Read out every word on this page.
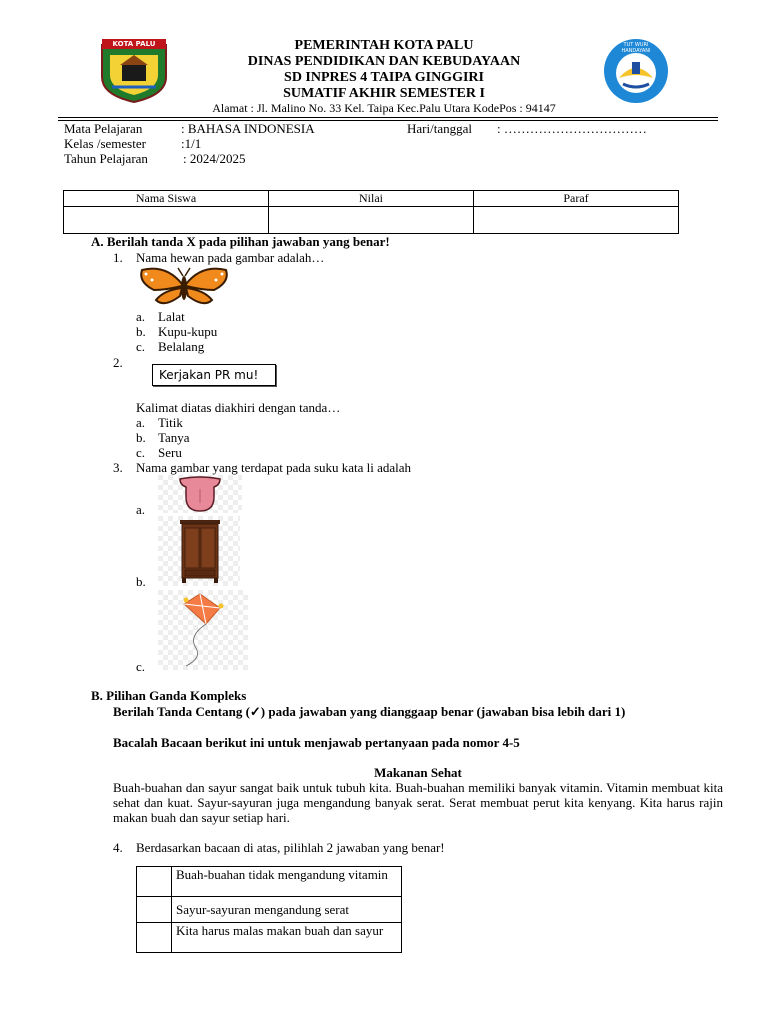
KOTA PALU	TUT WURI HANDAYANI
PEMERINTAH KOTA PALU
DINAS PENDIDIKAN DAN KEBUDAYAAN
SD INPRES 4 TAIPA GINGGIRI
SUMATIF AKHIR SEMESTER I
Alamat : Jl. Malino No. 33 Kel. Taipa Kec.Palu Utara KodePos : 94147
Mata Pelajaran	: BAHASA INDONESIA	Hari/tanggal : ……………………………
Kelas /semester	:1/1
Tahun Pelajaran	: 2024/2025
Nama Siswa	Nilai	Paraf

A. Berilah tanda X pada pilihan jawaban yang benar!
1. Nama hewan pada gambar adalah…
a. Lalat
b. Kupu-kupu
c. Belalang
2.
Kerjakan PR mu!
Kalimat diatas diakhiri dengan tanda…
a. Titik
b. Tanya
c. Seru
3. Nama gambar yang terdapat pada suku kata li adalah
a.
b.
c.
B. Pilihan Ganda Kompleks
Berilah Tanda Centang (✓) pada jawaban yang dianggaap benar (jawaban bisa lebih dari 1)
Bacalah Bacaan berikut ini untuk menjawab pertanyaan pada nomor 4-5
Makanan Sehat
Buah-buahan dan sayur sangat baik untuk tubuh kita. Buah-buahan memiliki banyak vitamin. Vitamin membuat kita sehat dan kuat. Sayur-sayuran juga mengandung banyak serat. Serat membuat perut kita kenyang. Kita harus rajin makan buah dan sayur setiap hari.
4. Berdasarkan bacaan di atas, pilihlah 2 jawaban yang benar!
	Buah-buahan tidak mengandung vitamin
	Sayur-sayuran mengandung serat
	Kita harus malas makan buah dan sayur
